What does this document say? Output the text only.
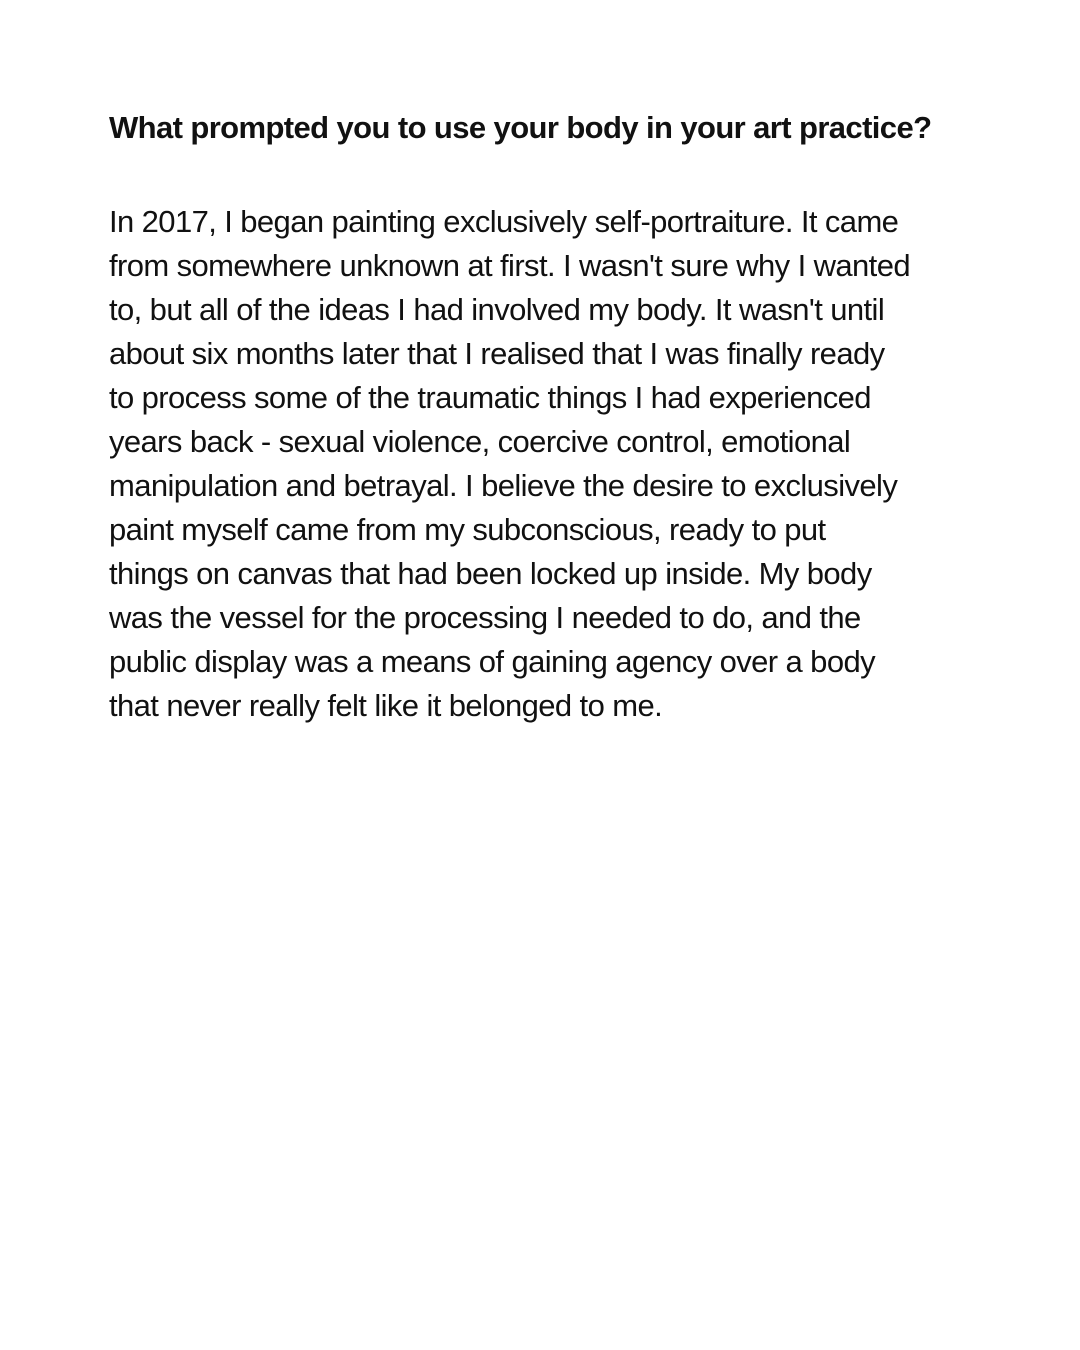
What prompted you to use your body in your art practice?

In 2017, I began painting exclusively self-portraiture. It came
from somewhere unknown at first. I wasn't sure why I wanted
to, but all of the ideas I had involved my body. It wasn't until
about six months later that I realised that I was finally ready
to process some of the traumatic things I had experienced
years back - sexual violence, coercive control, emotional
manipulation and betrayal. I believe the desire to exclusively
paint myself came from my subconscious, ready to put
things on canvas that had been locked up inside. My body
was the vessel for the processing I needed to do, and the
public display was a means of gaining agency over a body
that never really felt like it belonged to me.
